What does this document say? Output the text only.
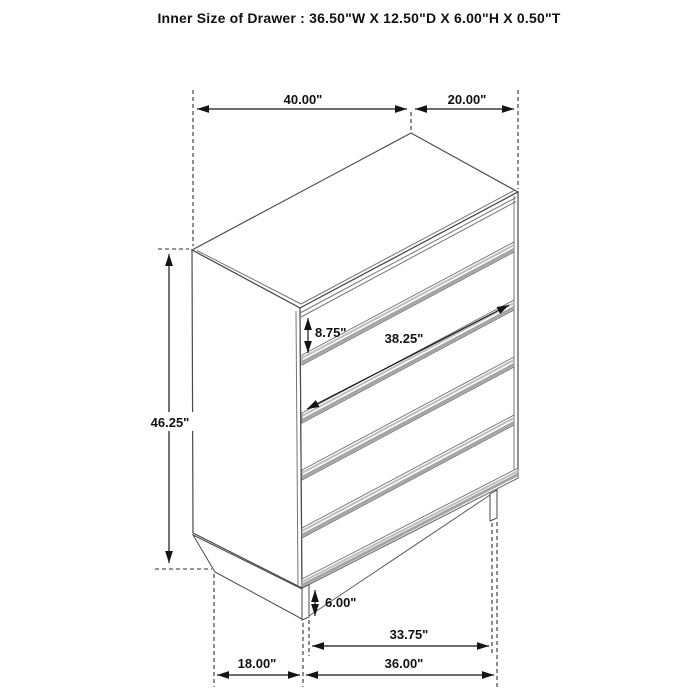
Inner Size of Drawer : 36.50"W X 12.50"D X 6.00"H X 0.50"T
40.00"	20.00"
46.25"
8.75"	38.25"
6.00"
33.75"
18.00"	36.00"
